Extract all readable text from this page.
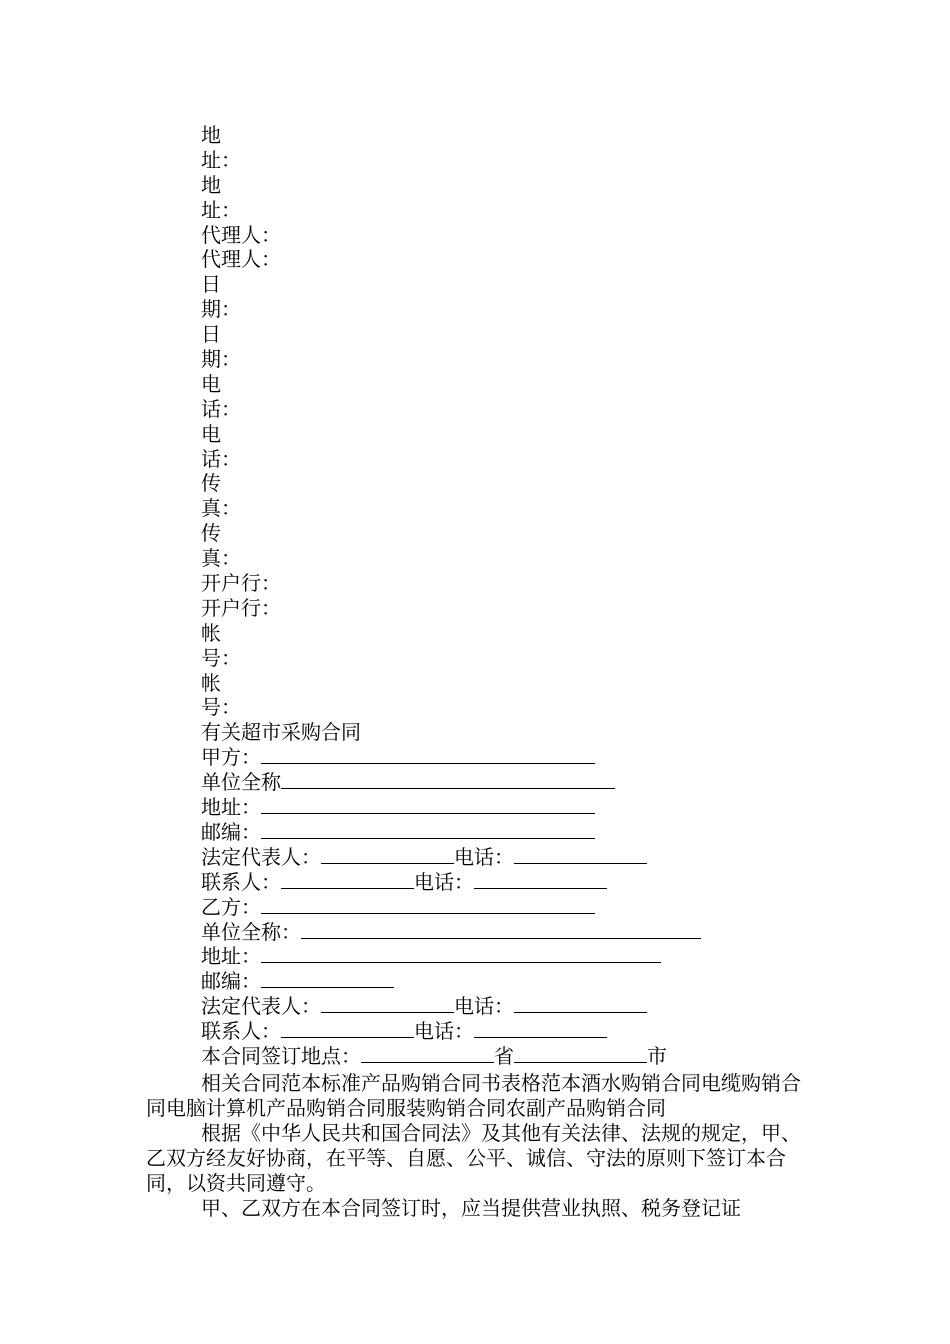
地
址：
地
址：
代理人：
代理人：
日
期：
日
期：
电
话：
电
话：
传
真：
传
真：
开户行：
开户行：
帐
号：
帐
号：
有关超市采购合同
甲方：
单位全称
地址：
邮编：
法定代表人：	电话：
联系人：	电话：
乙方：
单位全称：
地址：
邮编：
法定代表人：	电话：
联系人：	电话：
本合同签订地点：	省	市
相关合同范本标准产品购销合同书表格范本酒水购销合同电缆购销合同电脑计算机产品购销合同服装购销合同农副产品购销合同
根据《中华人民共和国合同法》及其他有关法律、法规的规定，甲、乙双方经友好协商，在平等、自愿、公平、诚信、守法的原则下签订本合同，以资共同遵守。
甲、乙双方在本合同签订时，应当提供营业执照、税务登记证
